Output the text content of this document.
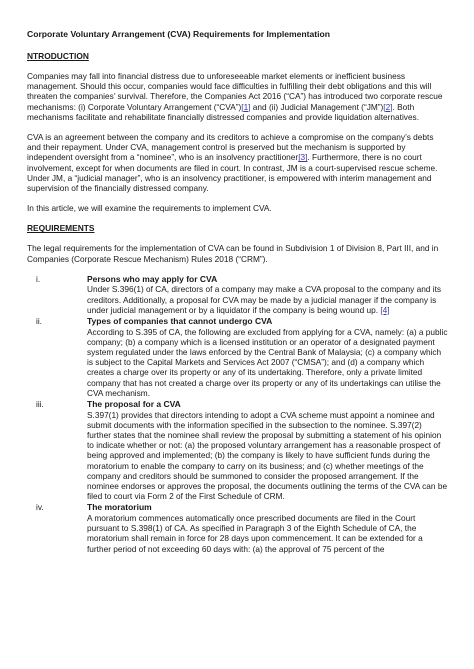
Corporate Voluntary Arrangement (CVA) Requirements for Implementation
NTRODUCTION

Companies may fall into financial distress due to unforeseeable market elements or inefficient business management. Should this occur, companies would face difficulties in fulfilling their debt obligations and this will threaten the companies’ survival. Therefore, the Companies Act 2016 (“CA”) has introduced two corporate rescue mechanisms: (i) Corporate Voluntary Arrangement (“CVA”)[1] and (ii) Judicial Management (“JM”)[2]. Both mechanisms facilitate and rehabilitate financially distressed companies and provide liquidation alternatives.

CVA is an agreement between the company and its creditors to achieve a compromise on the company’s debts and their repayment. Under CVA, management control is preserved but the mechanism is supported by independent oversight from a “nominee”, who is an insolvency practitioner[3]. Furthermore, there is no court involvement, except for when documents are filed in court. In contrast, JM is a court-supervised rescue scheme. Under JM, a “judicial manager”, who is an insolvency practitioner, is empowered with interim management and supervision of the financially distressed company.

In this article, we will examine the requirements to implement CVA.

REQUIREMENTS

The legal requirements for the implementation of CVA can be found in Subdivision 1 of Division 8, Part III, and in Companies (Corporate Rescue Mechanism) Rules 2018 (“CRM”).

i.	Persons who may apply for CVA
Under S.396(1) of CA, directors of a company may make a CVA proposal to the company and its creditors. Additionally, a proposal for CVA may be made by a judicial manager if the company is under judicial management or by a liquidator if the company is being wound up. [4]
ii.	Types of companies that cannot undergo CVA
According to S.395 of CA, the following are excluded from applying for a CVA, namely: (a) a public company; (b) a company which is a licensed institution or an operator of a designated payment system regulated under the laws enforced by the Central Bank of Malaysia; (c) a company which is subject to the Capital Markets and Services Act 2007 (“CMSA”); and (d) a company which creates a charge over its property or any of its undertaking. Therefore, only a private limited company that has not created a charge over its property or any of its undertakings can utilise the CVA mechanism.
iii.	The proposal for a CVA
S.397(1) provides that directors intending to adopt a CVA scheme must appoint a nominee and submit documents with the information specified in the subsection to the nominee. S.397(2) further states that the nominee shall review the proposal by submitting a statement of his opinion to indicate whether or not: (a) the proposed voluntary arrangement has a reasonable prospect of being approved and implemented; (b) the company is likely to have sufficient funds during the moratorium to enable the company to carry on its business; and (c) whether meetings of the company and creditors should be summoned to consider the proposed arrangement. If the nominee endorses or approves the proposal, the documents outlining the terms of the CVA can be filed to court via Form 2 of the First Schedule of CRM.
iv.	The moratorium
A moratorium commences automatically once prescribed documents are filed in the Court pursuant to S.398(1) of CA. As specified in Paragraph 3 of the Eighth Schedule of CA, the moratorium shall remain in force for 28 days upon commencement. It can be extended for a further period of not exceeding 60 days with: (a) the approval of 75 percent of the
